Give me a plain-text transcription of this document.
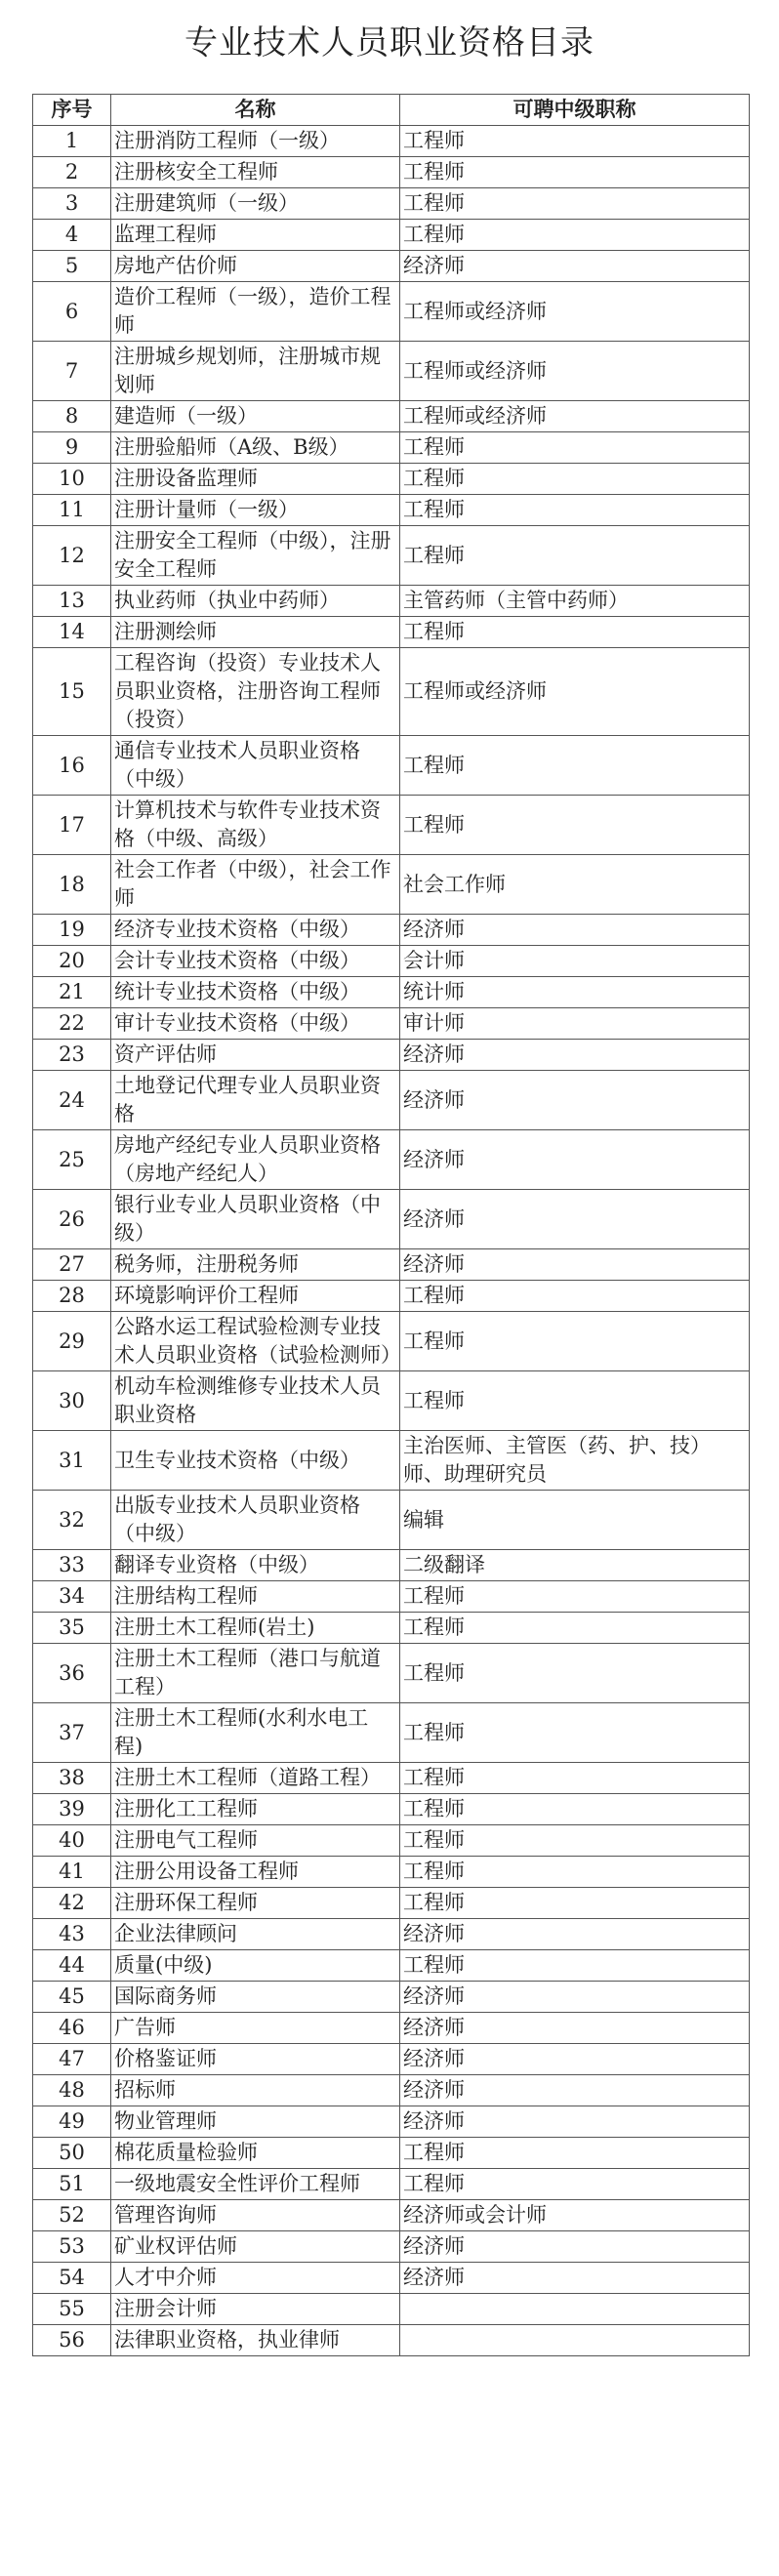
专业技术人员职业资格目录
序号	名称	可聘中级职称
1	注册消防工程师（一级）	工程师
2	注册核安全工程师	工程师
3	注册建筑师（一级）	工程师
4	监理工程师	工程师
5	房地产估价师	经济师
6	造价工程师（一级），造价工程师	工程师或经济师
7	注册城乡规划师，注册城市规划师	工程师或经济师
8	建造师（一级）	工程师或经济师
9	注册验船师（A级、B级）	工程师
10	注册设备监理师	工程师
11	注册计量师（一级）	工程师
12	注册安全工程师（中级），注册安全工程师	工程师
13	执业药师（执业中药师）	主管药师（主管中药师）
14	注册测绘师	工程师
15	工程咨询（投资）专业技术人员职业资格，注册咨询工程师（投资）	工程师或经济师
16	通信专业技术人员职业资格（中级）	工程师
17	计算机技术与软件专业技术资格（中级、高级）	工程师
18	社会工作者（中级），社会工作师	社会工作师
19	经济专业技术资格（中级）	经济师
20	会计专业技术资格（中级）	会计师
21	统计专业技术资格（中级）	统计师
22	审计专业技术资格（中级）	审计师
23	资产评估师	经济师
24	土地登记代理专业人员职业资格	经济师
25	房地产经纪专业人员职业资格（房地产经纪人）	经济师
26	银行业专业人员职业资格（中级）	经济师
27	税务师，注册税务师	经济师
28	环境影响评价工程师	工程师
29	公路水运工程试验检测专业技术人员职业资格（试验检测师）	工程师
30	机动车检测维修专业技术人员职业资格	工程师
31	卫生专业技术资格（中级）	主治医师、主管医（药、护、技）师、助理研究员
32	出版专业技术人员职业资格（中级）	编辑
33	翻译专业资格（中级）	二级翻译
34	注册结构工程师	工程师
35	注册土木工程师(岩土)	工程师
36	注册土木工程师（港口与航道工程）	工程师
37	注册土木工程师(水利水电工程)	工程师
38	注册土木工程师（道路工程）	工程师
39	注册化工工程师	工程师
40	注册电气工程师	工程师
41	注册公用设备工程师	工程师
42	注册环保工程师	工程师
43	企业法律顾问	经济师
44	质量(中级)	工程师
45	国际商务师	经济师
46	广告师	经济师
47	价格鉴证师	经济师
48	招标师	经济师
49	物业管理师	经济师
50	棉花质量检验师	工程师
51	一级地震安全性评价工程师	工程师
52	管理咨询师	经济师或会计师
53	矿业权评估师	经济师
54	人才中介师	经济师
55	注册会计师	
56	法律职业资格，执业律师	
